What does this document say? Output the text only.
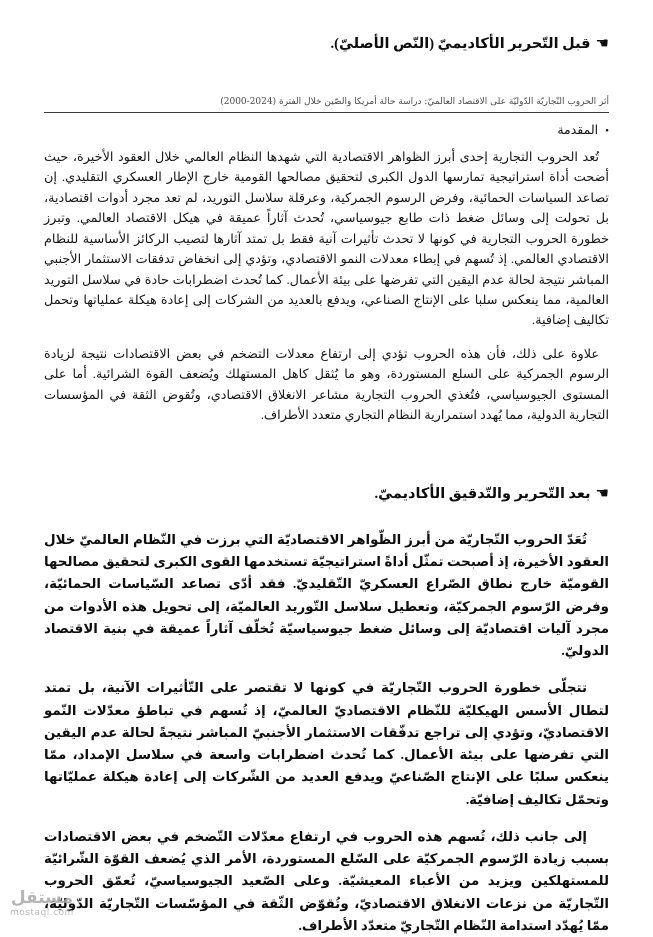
☚قبل التّحرير الأكاديميّ (النّص الأصليّ).
أثر الحروب التّجاريّة الدّوليّة على الاقتصاد العالميّ: دراسة حالة أمريكا والصّين خلال الفترة (2024-2000)
•المقدمة

تُعد الحروب التجارية إحدى أبرز الظواهر الاقتصادية التي شهدها النظام العالمي خلال العقود الأخيرة، حيث أضحت أداة استراتيجية تمارسها الدول الكبرى لتحقيق مصالحها القومية خارج الإطار العسكري التقليدي. إن تصاعد السياسات الحمائية، وفرض الرسوم الجمركية، وعرقلة سلاسل التوريد، لم تعد مجرد أدوات اقتصادية، بل تحولت إلى وسائل ضغط ذات طابع جيوسياسي، تُحدث آثاراً عميقة في هيكل الاقتصاد العالمي. وتبرز خطورة الحروب التجارية في كونها لا تحدث تأثيرات آنية فقط بل تمتد آثارها لتصيب الركائز الأساسية للنظام الاقتصادي العالمي. إذ تُسهم في إبطاء معدلات النمو الاقتصادي، وتؤدي إلى انخفاض تدفقات الاستثمار الأجنبي المباشر نتيجة لحالة عدم اليقين التي تفرضها على بيئة الأعمال. كما تُحدث اضطرابات حادة في سلاسل التوريد العالمية، مما ينعكس سلبا على الإنتاج الصناعي، ويدفع بالعديد من الشركات إلى إعادة هيكلة عملياتها وتحمل تكاليف إضافية.

علاوة على ذلك، فأن هذه الحروب تؤدي إلى ارتفاع معدلات التضخم في بعض الاقتصادات نتيجة لزيادة الرسوم الجمركية على السلع المستوردة، وهو ما يُثقل كاهل المستهلك ويُضعف القوة الشرائية. أما على المستوى الجيوسياسي، فتُغذي الحروب التجارية مشاعر الانغلاق الاقتصادي، وتُقوض الثقة في المؤسسات التجارية الدولية، مما يُهدد استمرارية النظام التجاري متعدد الأطراف.

☚بعد التّحرير والتّدقيق الأكاديميّ.

تُعَدّ الحروب التّجاريّة من أبرز الظّواهر الاقتصاديّة التي برزت في النّظام العالميّ خلال العقود الأخيرة، إذ أصبحت تمثّل أداةً استراتيجيّة تستخدمها القوى الكبرى لتحقيق مصالحها القوميّة خارج نطاق الصّراع العسكريّ التّقليديّ. فقد أدّى تصاعد السّياسات الحمائيّة، وفرض الرّسوم الجمركيّة، وتعطيل سلاسل التّوريد العالميّة، إلى تحويل هذه الأدوات من مجرد آليات اقتصاديّة إلى وسائل ضغط جيوسياسيّة تُخلّف آثاراً عميقة في بنية الاقتصاد الدوليّ.

تتجلّى خطورة الحروب التّجاريّة في كونها لا تقتصر على التّأثيرات الآنية، بل تمتد لتطال الأسس الهيكليّة للنّظام الاقتصاديّ العالميّ، إذ تُسهم في تباطؤ معدّلات النّمو الاقتصاديّ، وتؤدي إلى تراجع تدفّقات الاستثمار الأجنبيّ المباشر نتيجةً لحالة عدم اليقين التي تفرضها على بيئة الأعمال. كما تُحدث اضطرابات واسعة في سلاسل الإمداد، ممّا ينعكس سلبًا على الإنتاج الصّناعيّ ويدفع العديد من الشّركات إلى إعادة هيكلة عمليّاتها وتحمّل تكاليف إضافيّة.

إلى جانب ذلك، تُسهم هذه الحروب في ارتفاع معدّلات التّضخم في بعض الاقتصادات بسبب زيادة الرّسوم الجمركيّة على السّلع المستوردة، الأمر الذي يُضعف القوّة الشّرائيّة للمستهلكين ويزيد من الأعباء المعيشيّة. وعلى الصّعيد الجيوسياسيّ، تُعمّق الحروب التّجاريّة من نزعات الانغلاق الاقتصاديّ، وتُقوّض الثّقة في المؤسّسات التّجاريّة الدّوليّة، ممّا يُهدّد استدامة النّظام التّجاريّ متعدّد الأطراف.

مستقل
mostaql.com
